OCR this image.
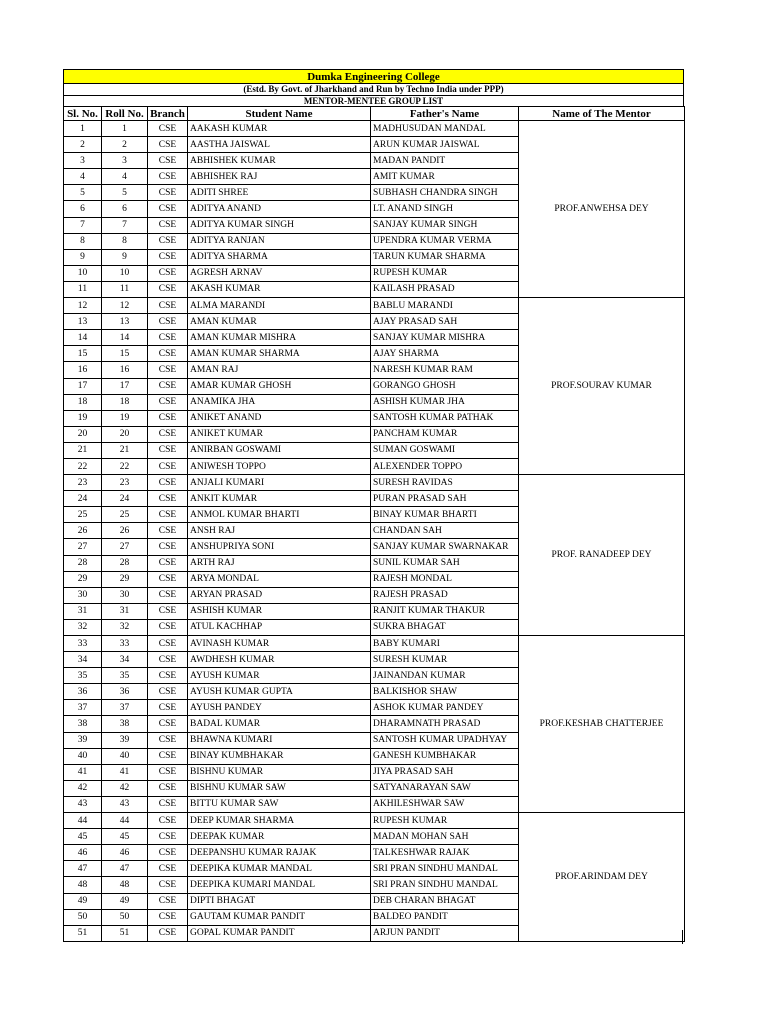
Dumka Engineering College
(Estd. By Govt. of Jharkhand and Run by Techno India under PPP)
MENTOR-MENTEE GROUP LIST
Sl. No.	Roll No.	Branch	Student Name	Father's Name	Name of The Mentor
1	1	CSE	AAKASH KUMAR	MADHUSUDAN MANDAL	PROF.ANWEHSA DEY
2	2	CSE	AASTHA JAISWAL	ARUN KUMAR JAISWAL	
3	3	CSE	ABHISHEK KUMAR	MADAN PANDIT	
4	4	CSE	ABHISHEK RAJ	AMIT KUMAR	
5	5	CSE	ADITI SHREE	SUBHASH CHANDRA SINGH	
6	6	CSE	ADITYA ANAND	LT. ANAND SINGH	
7	7	CSE	ADITYA KUMAR SINGH	SANJAY KUMAR SINGH	
8	8	CSE	ADITYA RANJAN	UPENDRA KUMAR VERMA	
9	9	CSE	ADITYA SHARMA	TARUN KUMAR SHARMA	
10	10	CSE	AGRESH ARNAV	RUPESH KUMAR	
11	11	CSE	AKASH KUMAR	KAILASH PRASAD	
12	12	CSE	ALMA MARANDI	BABLU MARANDI	PROF.SOURAV KUMAR
13	13	CSE	AMAN KUMAR	AJAY PRASAD SAH	
14	14	CSE	AMAN KUMAR MISHRA	SANJAY KUMAR MISHRA	
15	15	CSE	AMAN KUMAR SHARMA	AJAY SHARMA	
16	16	CSE	AMAN RAJ	NARESH KUMAR RAM	
17	17	CSE	AMAR KUMAR GHOSH	GORANGO GHOSH	
18	18	CSE	ANAMIKA JHA	ASHISH KUMAR JHA	
19	19	CSE	ANIKET ANAND	SANTOSH KUMAR PATHAK	
20	20	CSE	ANIKET KUMAR	PANCHAM KUMAR	
21	21	CSE	ANIRBAN GOSWAMI	SUMAN GOSWAMI	
22	22	CSE	ANIWESH TOPPO	ALEXENDER TOPPO	
23	23	CSE	ANJALI KUMARI	SURESH RAVIDAS	PROF. RANADEEP DEY
24	24	CSE	ANKIT KUMAR	PURAN PRASAD SAH	
25	25	CSE	ANMOL KUMAR BHARTI	BINAY KUMAR BHARTI	
26	26	CSE	ANSH RAJ	CHANDAN SAH	
27	27	CSE	ANSHUPRIYA SONI	SANJAY KUMAR SWARNAKAR	
28	28	CSE	ARTH RAJ	SUNIL KUMAR SAH	
29	29	CSE	ARYA MONDAL	RAJESH MONDAL	
30	30	CSE	ARYAN PRASAD	RAJESH PRASAD	
31	31	CSE	ASHISH KUMAR	RANJIT KUMAR THAKUR	
32	32	CSE	ATUL KACHHAP	SUKRA BHAGAT	
33	33	CSE	AVINASH KUMAR	BABY KUMARI	PROF.KESHAB CHATTERJEE
34	34	CSE	AWDHESH KUMAR	SURESH KUMAR	
35	35	CSE	AYUSH KUMAR	JAINANDAN KUMAR	
36	36	CSE	AYUSH KUMAR GUPTA	BALKISHOR SHAW	
37	37	CSE	AYUSH PANDEY	ASHOK KUMAR PANDEY	
38	38	CSE	BADAL KUMAR	DHARAMNATH PRASAD	
39	39	CSE	BHAWNA KUMARI	SANTOSH KUMAR UPADHYAY	
40	40	CSE	BINAY KUMBHAKAR	GANESH KUMBHAKAR	
41	41	CSE	BISHNU KUMAR	JIYA PRASAD SAH	
42	42	CSE	BISHNU KUMAR SAW	SATYANARAYAN SAW	
43	43	CSE	BITTU KUMAR SAW	AKHILESHWAR SAW	
44	44	CSE	DEEP KUMAR SHARMA	RUPESH KUMAR	PROF.ARINDAM DEY
45	45	CSE	DEEPAK KUMAR	MADAN MOHAN SAH	
46	46	CSE	DEEPANSHU KUMAR RAJAK	TALKESHWAR RAJAK	
47	47	CSE	DEEPIKA KUMAR MANDAL	SRI PRAN SINDHU MANDAL	
48	48	CSE	DEEPIKA KUMARI MANDAL	SRI PRAN SINDHU MANDAL	
49	49	CSE	DIPTI BHAGAT	DEB CHARAN BHAGAT	
50	50	CSE	GAUTAM KUMAR PANDIT	BALDEO PANDIT	
51	51	CSE	GOPAL KUMAR PANDIT	ARJUN PANDIT	
